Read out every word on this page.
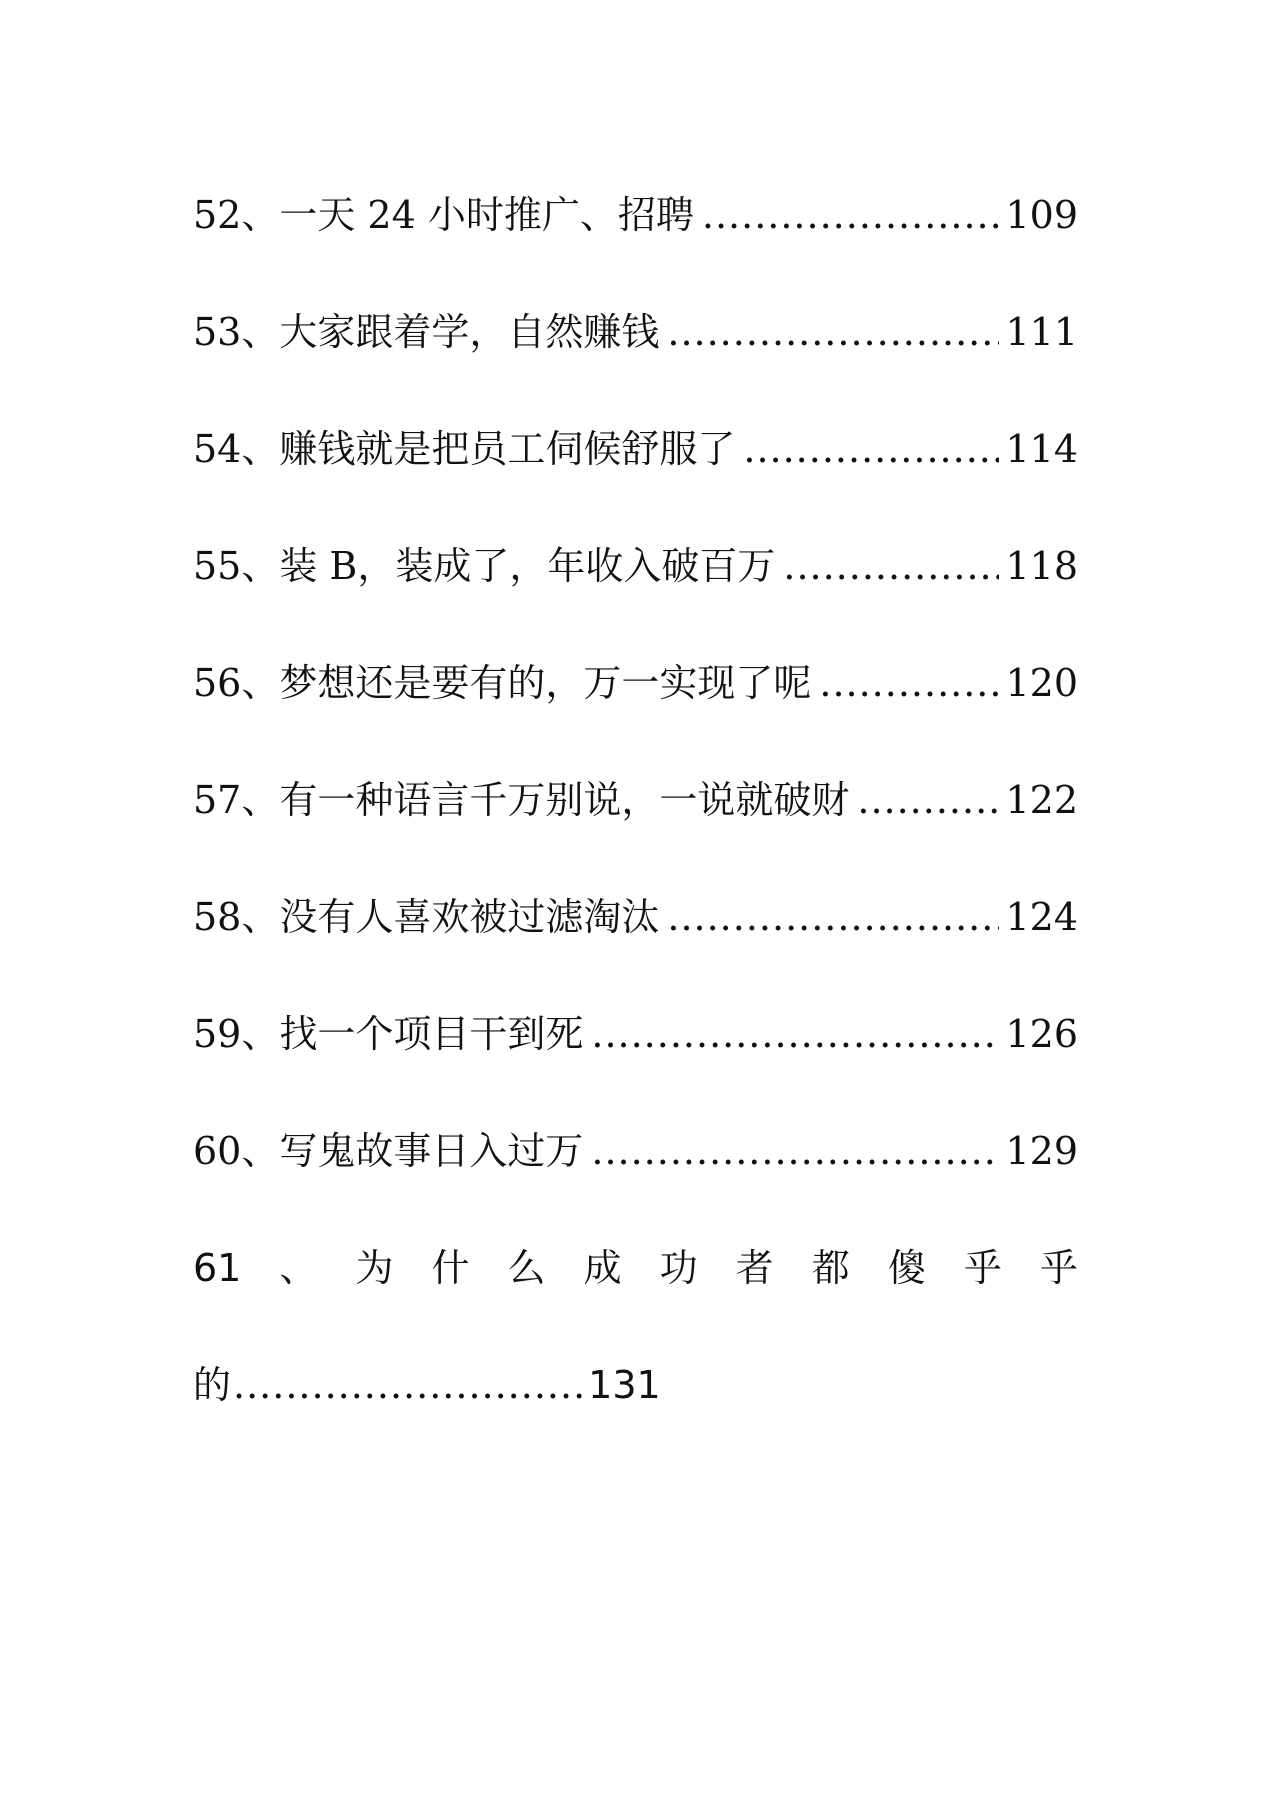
52、一天 24 小时推广、招聘 .....	109
53、大家跟着学，自然赚钱 .....	111
54、赚钱就是把员工伺候舒服了 .....	114
55、装 B，装成了，年收入破百万 .....	118
56、梦想还是要有的，万一实现了呢 .....	120
57、有一种语言千万别说，一说就破财 .....	122
58、没有人喜欢被过滤淘汰 .....	124
59、找一个项目干到死 .....	126
60、写鬼故事日入过万 .....	129
61 、 为 什 么 成 功 者 都 傻 乎 乎
的 ........................... 131
